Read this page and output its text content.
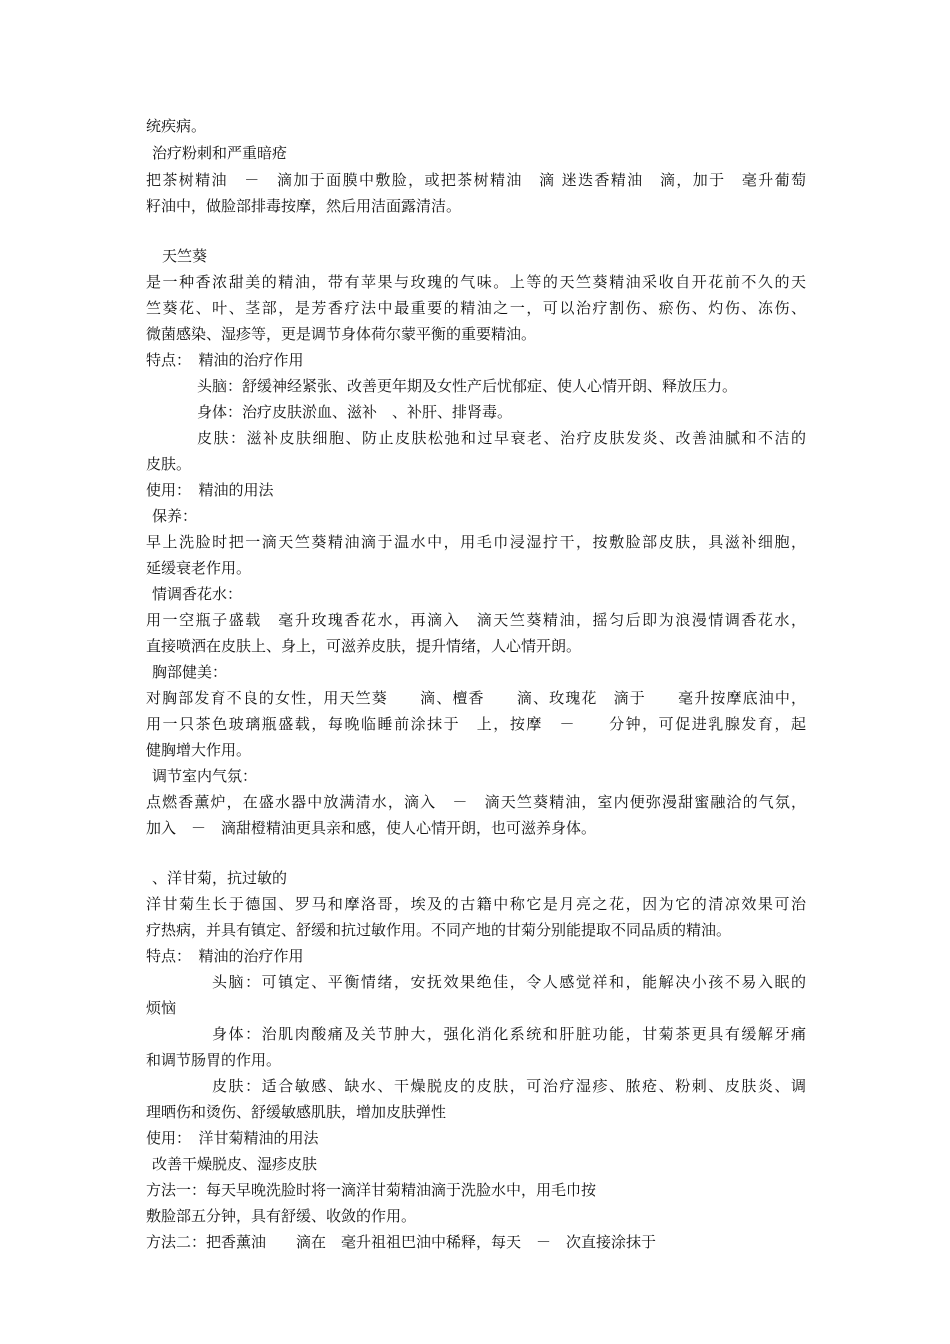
统疾病。
治疗粉刺和严重暗疮
把茶树精油　－　滴加于面膜中敷脸，或把茶树精油　滴 迷迭香精油　滴，加于　毫升葡萄
籽油中，做脸部排毒按摩，然后用洁面露清洁。
天竺葵
是一种香浓甜美的精油，带有苹果与玫瑰的气味。上等的天竺葵精油采收自开花前不久的天
竺葵花、叶、茎部，是芳香疗法中最重要的精油之一，可以治疗割伤、瘀伤、灼伤、冻伤、
微菌感染、湿疹等，更是调节身体荷尔蒙平衡的重要精油。
特点：　精油的治疗作用
头脑：舒缓神经紧张、改善更年期及女性产后忧郁症、使人心情开朗、释放压力。
身体：治疗皮肤淤血、滋补　、补肝、排肾毒。
皮肤：滋补皮肤细胞、防止皮肤松弛和过早衰老、治疗皮肤发炎、改善油腻和不洁的
皮肤。
使用：　精油的用法
保养：
早上洗脸时把一滴天竺葵精油滴于温水中，用毛巾浸湿拧干，按敷脸部皮肤，具滋补细胞，
延缓衰老作用。
情调香花水：
用一空瓶子盛载　毫升玫瑰香花水，再滴入　滴天竺葵精油，摇匀后即为浪漫情调香花水，
直接喷洒在皮肤上、身上，可滋养皮肤，提升情绪，人心情开朗。
胸部健美：
对胸部发育不良的女性，用天竺葵　　滴、檀香　　滴、玫瑰花　滴于　　毫升按摩底油中，
用一只茶色玻璃瓶盛载，每晚临睡前涂抹于　上，按摩　－　　分钟，可促进乳腺发育，起
健胸增大作用。
调节室内气氛：
点燃香薰炉，在盛水器中放满清水，滴入　－　滴天竺葵精油，室内便弥漫甜蜜融洽的气氛，
加入　－　滴甜橙精油更具亲和感，使人心情开朗，也可滋养身体。
、洋甘菊，抗过敏的
洋甘菊生长于德国、罗马和摩洛哥，埃及的古籍中称它是月亮之花，因为它的清凉效果可治
疗热病，并具有镇定、舒缓和抗过敏作用。不同产地的甘菊分别能提取不同品质的精油。
特点：　精油的治疗作用
头脑：可镇定、平衡情绪，安抚效果绝佳，令人感觉祥和，能解决小孩不易入眠的
烦恼
身体：治肌肉酸痛及关节肿大，强化消化系统和肝脏功能，甘菊茶更具有缓解牙痛
和调节肠胃的作用。
皮肤：适合敏感、缺水、干燥脱皮的皮肤，可治疗湿疹、脓疮、粉刺、皮肤炎、调
理晒伤和烫伤、舒缓敏感肌肤，增加皮肤弹性
使用：　洋甘菊精油的用法
改善干燥脱皮、湿疹皮肤
方法一：每天早晚洗脸时将一滴洋甘菊精油滴于洗脸水中，用毛巾按
敷脸部五分钟，具有舒缓、收敛的作用。
方法二：把香薰油　　滴在　毫升祖祖巴油中稀释，每天　－　次直接涂抹于
